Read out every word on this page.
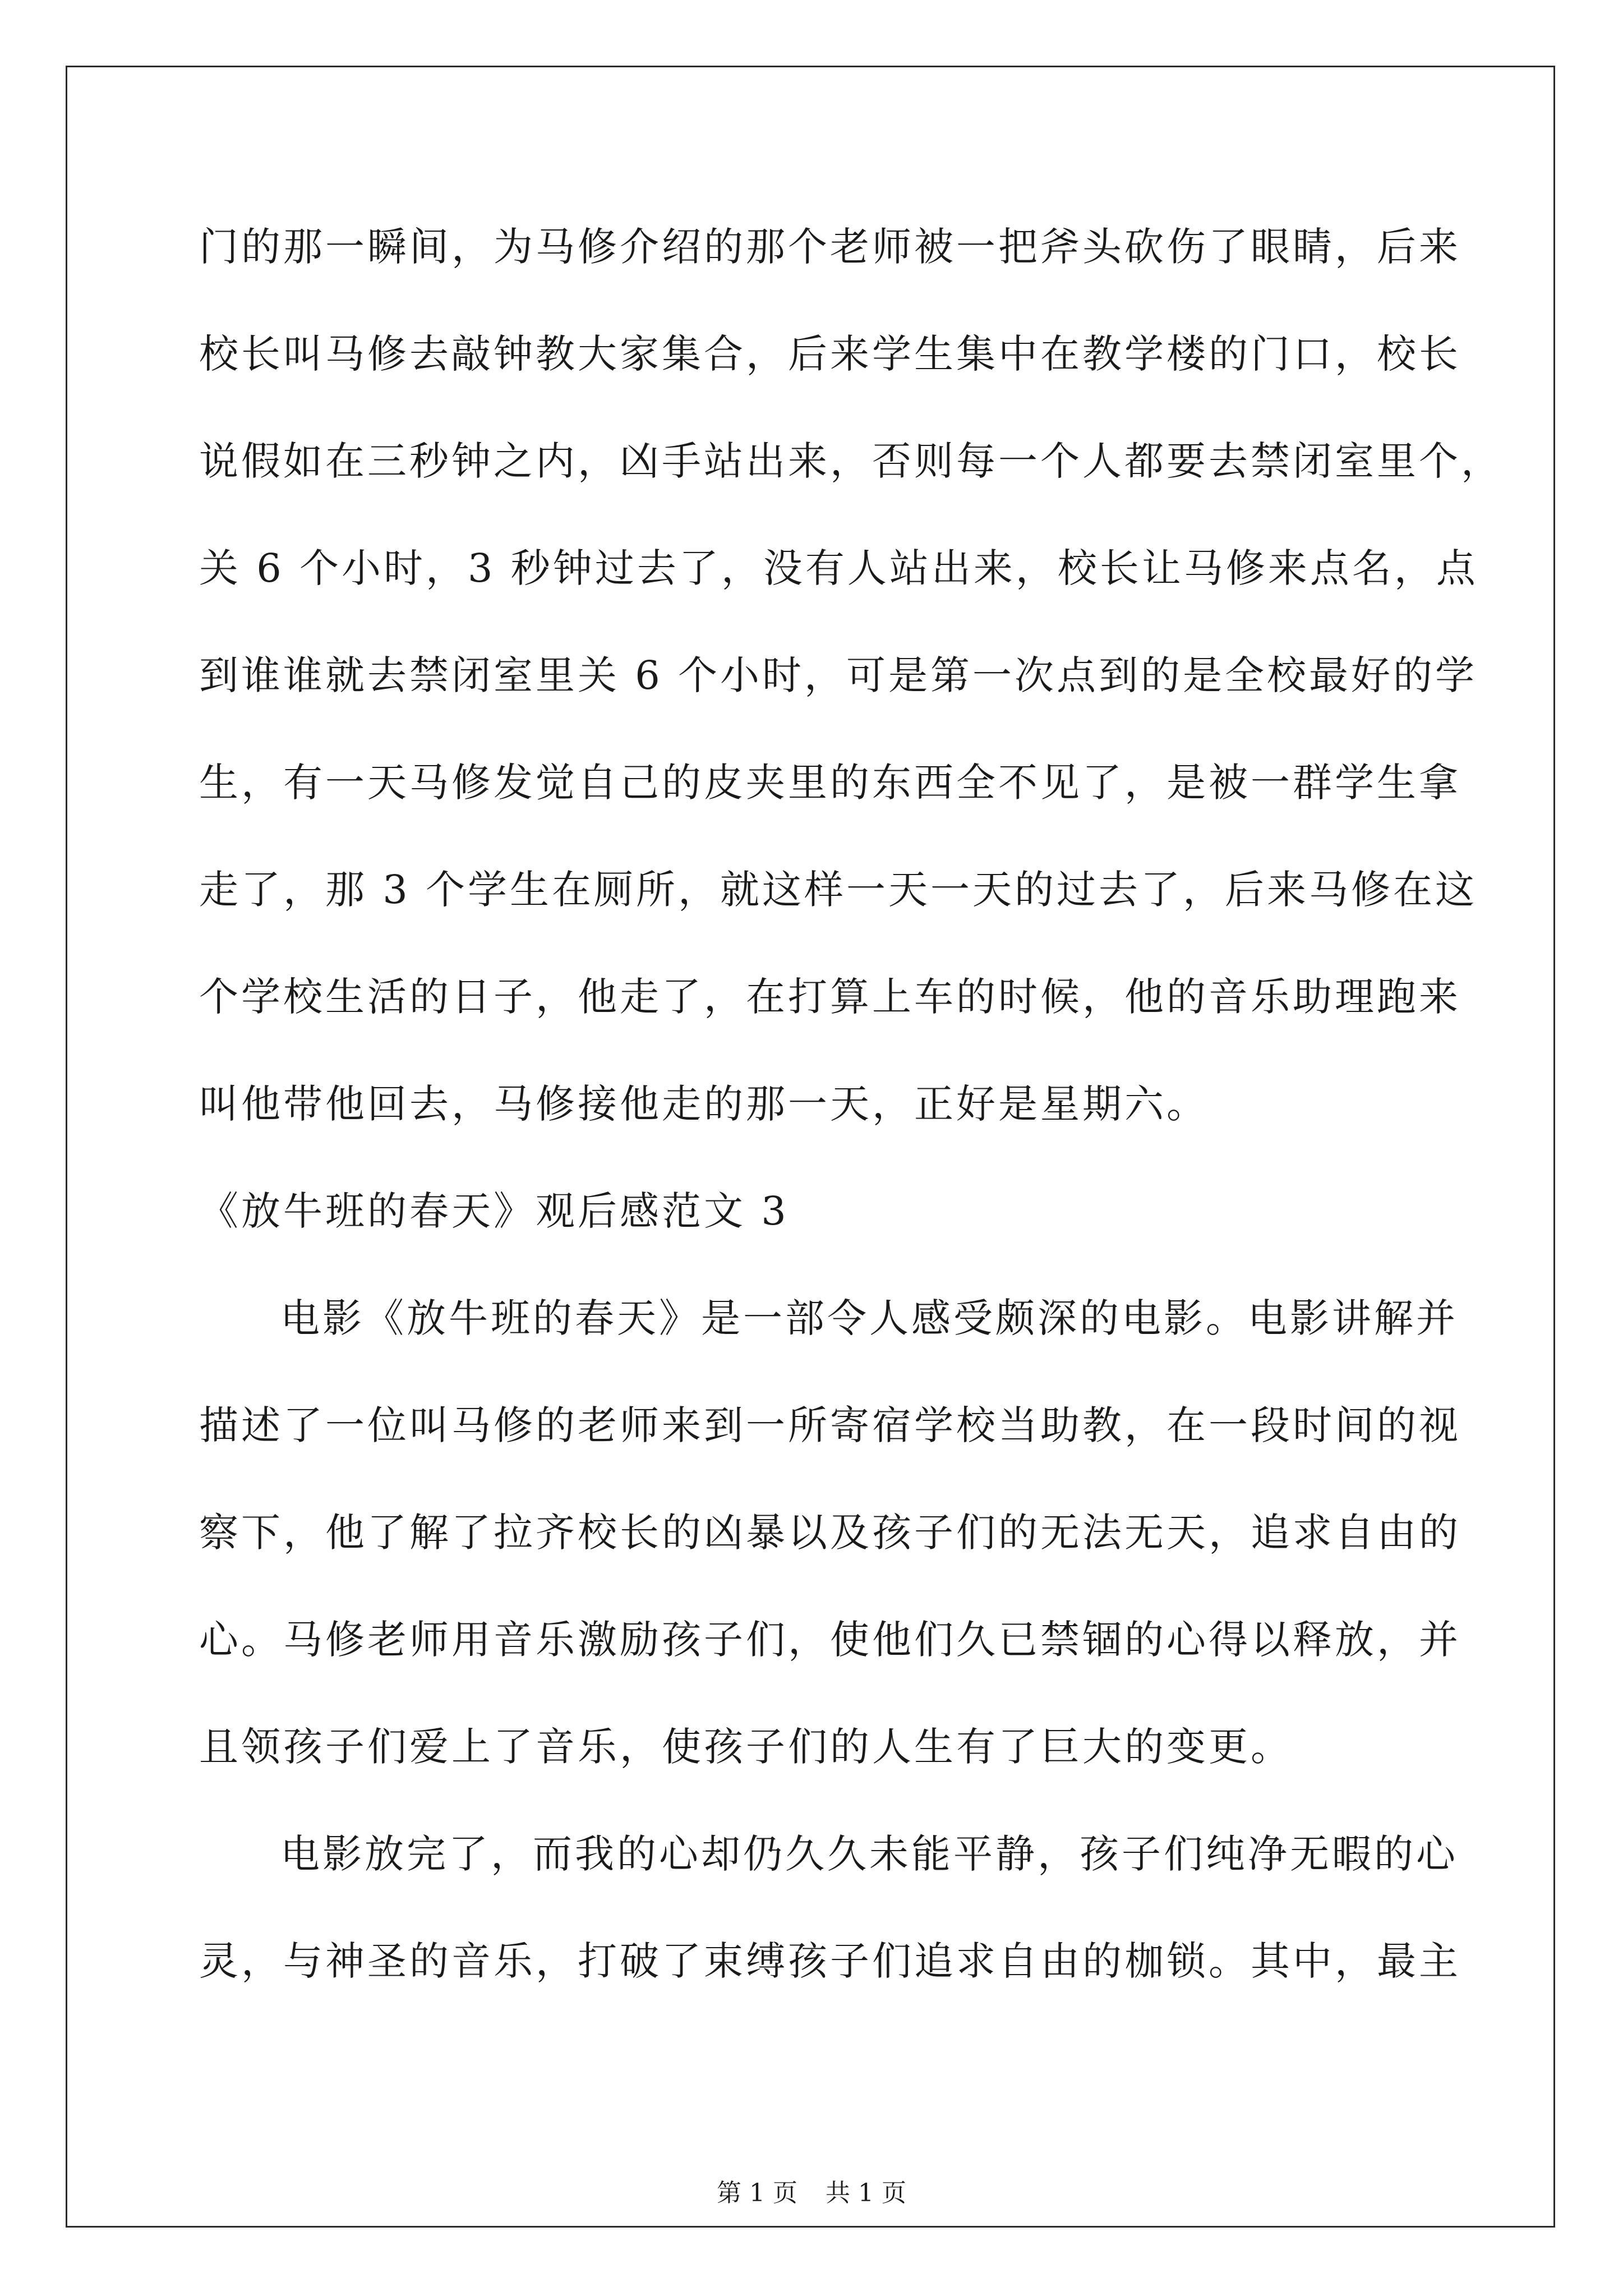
门的那一瞬间，为马修介绍的那个老师被一把斧头砍伤了眼睛，后来
校长叫马修去敲钟教大家集合，后来学生集中在教学楼的门口，校长
说假如在三秒钟之内，凶手站出来，否则每一个人都要去禁闭室里个，
关 6 个小时，3 秒钟过去了，没有人站出来，校长让马修来点名，点
到谁谁就去禁闭室里关 6 个小时，可是第一次点到的是全校最好的学
生，有一天马修发觉自己的皮夹里的东西全不见了，是被一群学生拿
走了，那 3 个学生在厕所，就这样一天一天的过去了，后来马修在这
个学校生活的日子，他走了，在打算上车的时候，他的音乐助理跑来
叫他带他回去，马修接他走的那一天，正好是星期六。
《放牛班的春天》观后感范文 3
电影《放牛班的春天》是一部令人感受颇深的电影。电影讲解并
描述了一位叫马修的老师来到一所寄宿学校当助教，在一段时间的视
察下，他了解了拉齐校长的凶暴以及孩子们的无法无天，追求自由的
心。马修老师用音乐激励孩子们，使他们久已禁锢的心得以释放，并
且领孩子们爱上了音乐，使孩子们的人生有了巨大的变更。
电影放完了，而我的心却仍久久未能平静，孩子们纯净无暇的心
灵，与神圣的音乐，打破了束缚孩子们追求自由的枷锁。其中，最主
第 1 页 共 1 页
